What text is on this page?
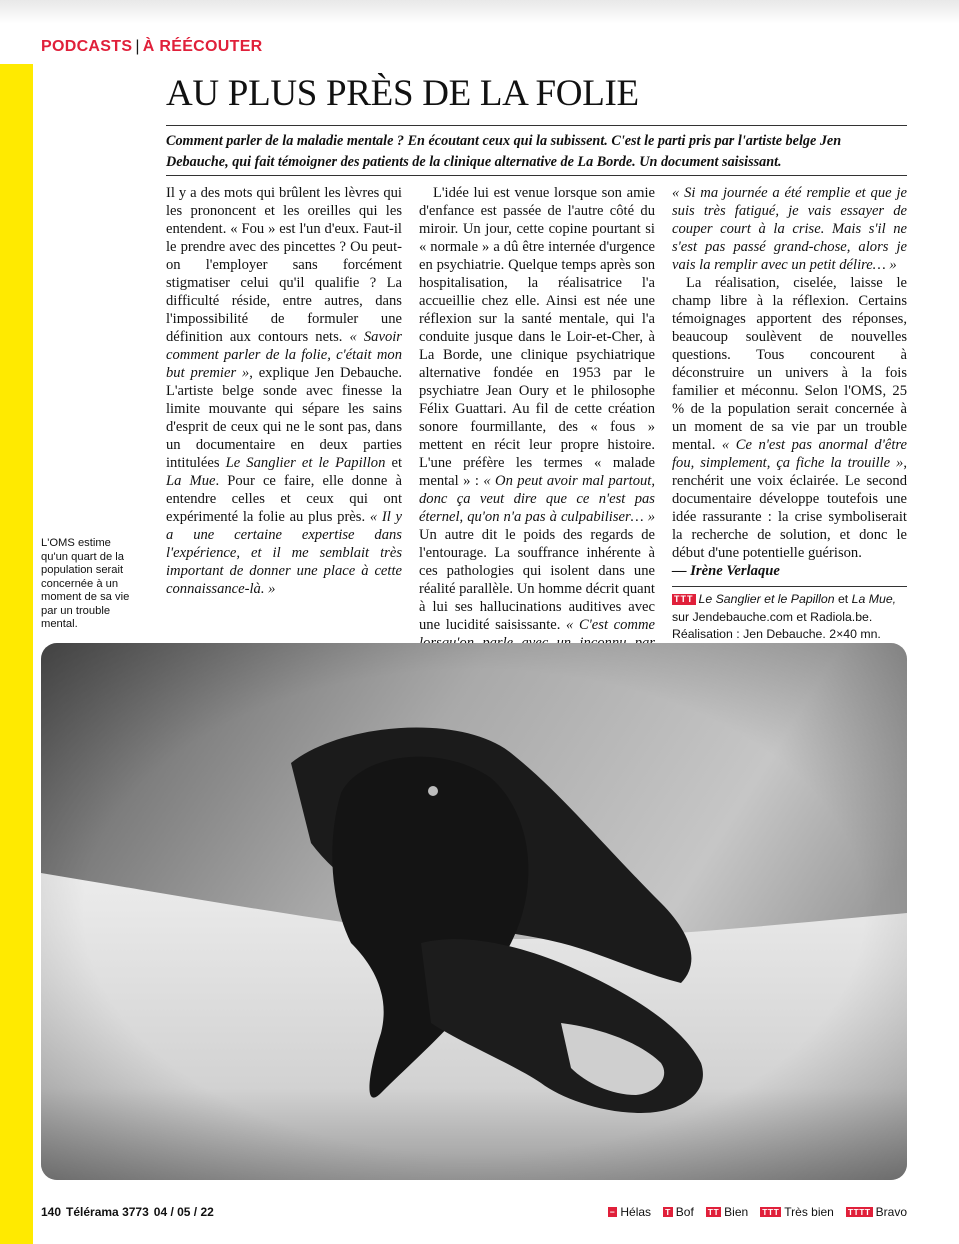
PODCASTS | À RÉÉCOUTER
AU PLUS PRÈS DE LA FOLIE

Comment parler de la maladie mentale ? En écoutant ceux qui la subissent. C'est le parti pris par l'artiste belge Jen Debauche, qui fait témoigner des patients de la clinique alternative de La Borde. Un document saisissant.

L'OMS estime qu'un quart de la population serait concernée à un moment de sa vie par un trouble mental.

Il y a des mots qui brûlent les lèvres qui les prononcent et les oreilles qui les entendent. « Fou » est l'un d'eux. Faut-il le prendre avec des pincettes ? Ou peut-on l'employer sans forcément stigmatiser celui qu'il qualifie ? La difficulté réside, entre autres, dans l'impossibilité de formuler une définition aux contours nets. « Savoir comment parler de la folie, c'était mon but premier », explique Jen Debauche. L'artiste belge sonde avec finesse la limite mouvante qui sépare les sains d'esprit de ceux qui ne le sont pas, dans un documentaire en deux parties intitulées Le Sanglier et le Papillon et La Mue. Pour ce faire, elle donne à entendre celles et ceux qui ont expérimenté la folie au plus près. « Il y a une certaine expertise dans l'expérience, et il me semblait très important de donner une place à cette connaissance-là. »

L'idée lui est venue lorsque son amie d'enfance est passée de l'autre côté du miroir. Un jour, cette copine pourtant si « normale » a dû être internée d'urgence en psychiatrie. Quelque temps après son hospitalisation, la réalisatrice l'a accueillie chez elle. Ainsi est née une réflexion sur la santé mentale, qui l'a conduite jusque dans le Loir-et-Cher, à La Borde, une clinique psychiatrique alternative fondée en 1953 par le psychiatre Jean Oury et le philosophe Félix Guattari. Au fil de cette création sonore fourmillante, des « fous » mettent en récit leur propre histoire. L'une préfère les termes « malade mental » : « On peut avoir mal partout, donc ça veut dire que ce n'est pas éternel, qu'on n'a pas à culpabiliser… » Un autre dit le poids des regards de l'entourage. La souffrance inhérente à ces pathologies qui isolent dans une réalité parallèle. Un homme décrit quant à lui ses hallucinations auditives avec une lucidité saisissante. « C'est comme

« Si ma journée a été remplie et que je suis très fatigué, je vais essayer de couper court à la crise. Mais s'il ne s'est pas passé grand-chose, alors je vais la remplir avec un petit délire… »

La réalisation, ciselée, laisse le champ libre à la réflexion. Certains témoignages apportent des réponses, beaucoup soulèvent de nouvelles questions. Tous concourent à déconstruire un univers à la fois familier et méconnu. Selon l'OMS, 25 % de la population serait concernée à un moment de sa vie par un trouble mental. « Ce n'est pas anormal d'être fou, simplement, ça fiche la trouille », renchérit une voix éclairée. Le second documentaire développe toutefois une idée rassurante : la crise symboliserait la recherche de solution, et donc le début d'une potentielle guérison.

— Irène Verlaque

TTT Le Sanglier et le Papillon et La Mue,

sur Jendebauche.com et Radiola.be.

Réalisation : Jen Debauche. 2×40 mn.

140 Télérama 3773 04 / 05 / 22	− Hélas T Bof TT Bien TTT Très bien TTTT Bravo
